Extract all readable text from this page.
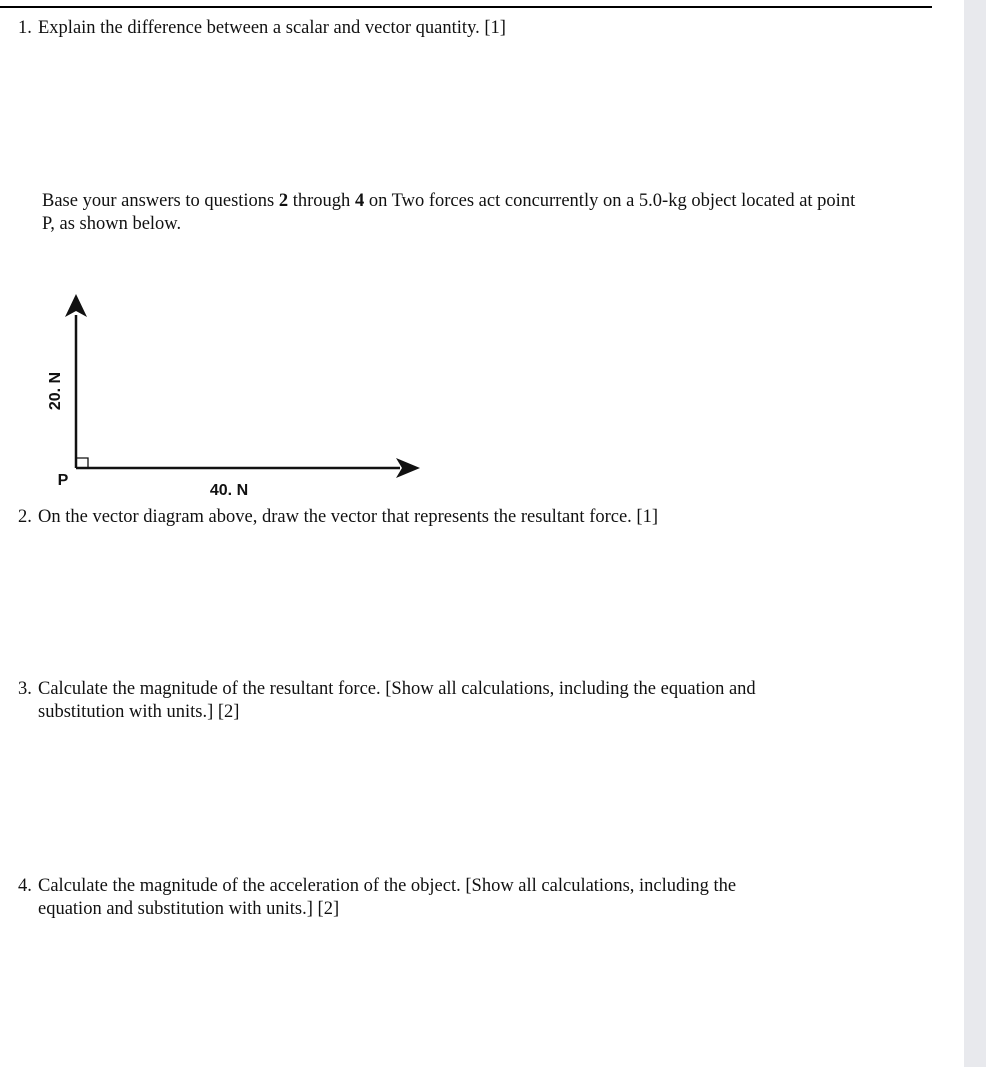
1. Explain the difference between a scalar and vector quantity. [1]

Base your answers to questions 2 through 4 on Two forces act concurrently on a 5.0-kg object located at point P, as shown below.

20. N
40. N
P

2. On the vector diagram above, draw the vector that represents the resultant force. [1]

3. Calculate the magnitude of the resultant force. [Show all calculations, including the equation and
substitution with units.] [2]

4. Calculate the magnitude of the acceleration of the object. [Show all calculations, including the
equation and substitution with units.] [2]
